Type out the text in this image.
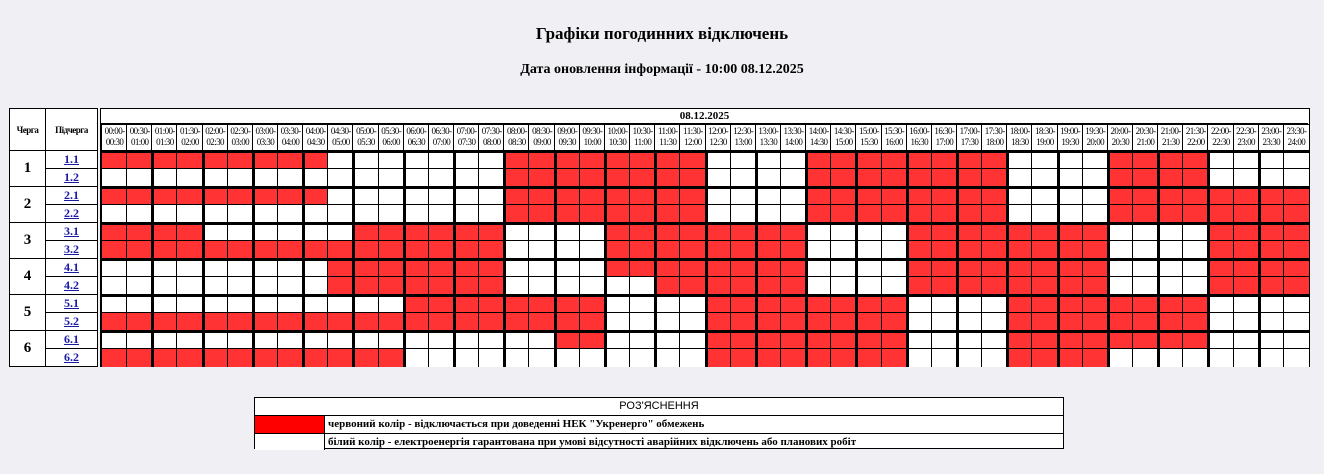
Графіки погодинних відключень
Дата оновлення інформації - 10:00 08.12.2025
РОЗ'ЯСНЕННЯ
червоний колір - відключається при доведенні НЕК "Укренерго" обмежень
білий колір - електроенергія гарантована при умові відсутності аварійних відключень або планових робіт
Черга	Підчерга
1
1.1
1.2
2
2.1
2.2
3
3.1
3.2
4
4.1
4.2
5
5.1
5.2
6
6.1
6.2
08.12.2025
00:00-00:30
00:30-01:00
01:00-01:30
01:30-02:00
02:00-02:30
02:30-03:00
03:00-03:30
03:30-04:00
04:00-04:30
04:30-05:00
05:00-05:30
05:30-06:00
06:00-06:30
06:30-07:00
07:00-07:30
07:30-08:00
08:00-08:30
08:30-09:00
09:00-09:30
09:30-10:00
10:00-10:30
10:30-11:00
11:00-11:30
11:30-12:00
12:00-12:30
12:30-13:00
13:00-13:30
13:30-14:00
14:00-14:30
14:30-15:00
15:00-15:30
15:30-16:00
16:00-16:30
16:30-17:00
17:00-17:30
17:30-18:00
18:00-18:30
18:30-19:00
19:00-19:30
19:30-20:00
20:00-20:30
20:30-21:00
21:00-21:30
21:30-22:00
22:00-22:30
22:30-23:00
23:00-23:30
23:30-24:00
